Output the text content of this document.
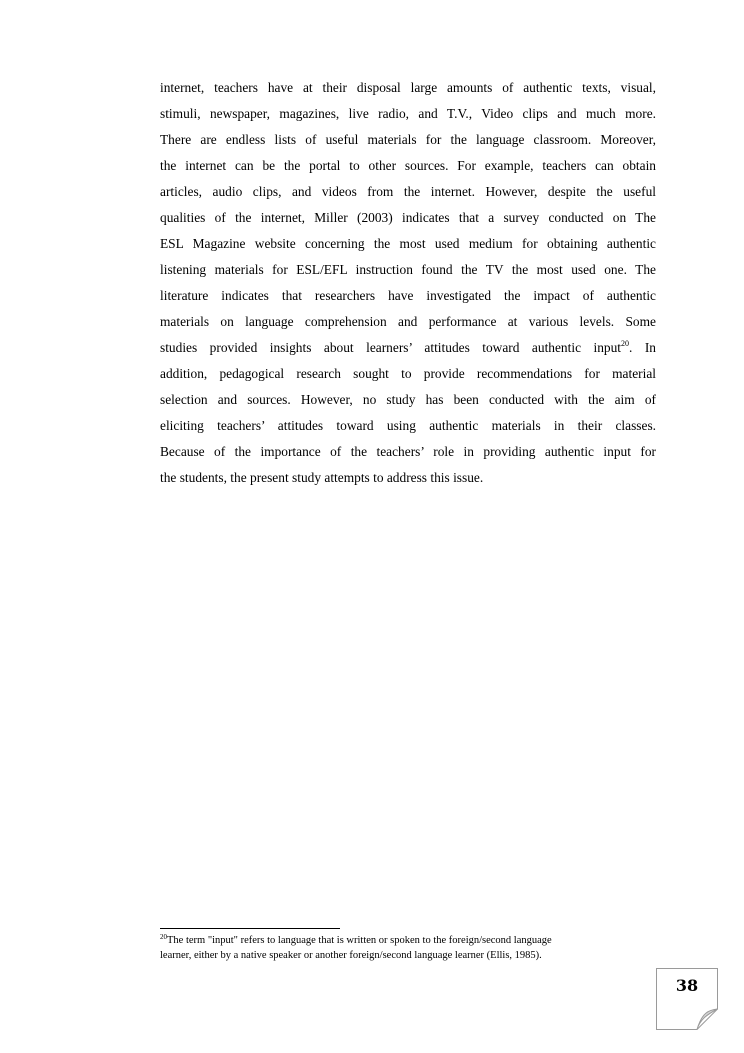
internet, teachers have at their disposal large amounts of authentic texts, visual,
stimuli, newspaper, magazines, live radio, and T.V., Video clips and much more.
There are endless lists of useful materials for the language classroom. Moreover,
the internet can be the portal to other sources. For example, teachers can obtain
articles, audio clips, and videos from the internet. However, despite the useful
qualities of the internet, Miller (2003) indicates that a survey conducted on The
ESL Magazine website concerning the most used medium for obtaining authentic
listening materials for ESL/EFL instruction found the TV the most used one. The
literature indicates that researchers have investigated the impact of authentic
materials on language comprehension and performance at various levels. Some
studies provided insights about learners’ attitudes toward authentic input$^{20}$. In
addition, pedagogical research sought to provide recommendations for material
selection and sources. However, no study has been conducted with the aim of
eliciting teachers’ attitudes toward using authentic materials in their classes.
Because of the importance of the teachers’ role in providing authentic input for
the students, the present study attempts to address this issue.
$^{20}$The term "input" refers to language that is written or spoken to the foreign/second language
learner, either by a native speaker or another foreign/second language learner (Ellis, 1985).
38
